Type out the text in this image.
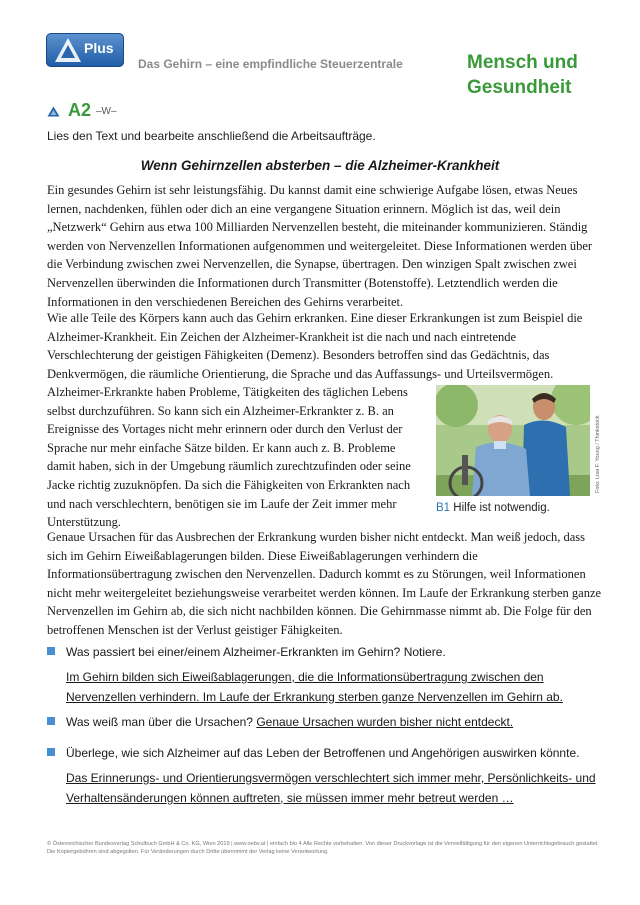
Plus
Das Gehirn – eine empfindliche Steuerzentrale	Mensch und Gesundheit
A2 –W–
Lies den Text und bearbeite anschließend die Arbeitsaufträge.
Wenn Gehirnzellen absterben – die Alzheimer-Krankheit

Ein gesundes Gehirn ist sehr leistungsfähig. Du kannst damit eine schwierige Aufgabe lösen, etwas Neues lernen, nachdenken, fühlen oder dich an eine vergangene Situation erinnern. Möglich ist das, weil dein „Netzwerk“ Gehirn aus etwa 100 Milliarden Nervenzellen besteht, die miteinander kommunizieren. Ständig werden von Nervenzellen Informationen aufgenommen und weitergeleitet. Diese Informationen werden über die Verbindung zwischen zwei Nervenzellen, die Synapse, übertragen. Den winzigen Spalt zwischen zwei Nervenzellen überwinden die Informationen durch Transmitter (Botenstoffe). Letztendlich werden die Informationen in den verschiedenen Bereichen des Gehirns verarbeitet.

Wie alle Teile des Körpers kann auch das Gehirn erkranken. Eine dieser Erkrankungen ist zum Beispiel die Alzheimer-Krankheit. Ein Zeichen der Alzheimer-Krankheit ist die nach und nach eintretende Verschlechterung der geistigen Fähigkeiten (Demenz). Besonders betroffen sind das Gedächtnis, das Denkvermögen, die räumliche Orientierung, die Sprache und das Auffassungs- und Urteilsvermögen.

Alzheimer-Erkrankte haben Probleme, Tätigkeiten des täglichen Lebens selbst durchzuführen. So kann sich ein Alzheimer-Erkrankter z. B. an Ereignisse des Vortages nicht mehr erinnern oder durch den Verlust der Sprache nur mehr einfache Sätze bilden. Er kann auch z. B. Probleme damit haben, sich in der Umgebung räumlich zurechtzufinden oder seine Jacke richtig zuzuknöpfen. Da sich die Fähigkeiten von Erkrankten nach und nach verschlechtern, benötigen sie im Laufe der Zeit immer mehr Unterstützung.

Foto: Lisa F. Young / Thinkstock
B1 Hilfe ist notwendig.

Genaue Ursachen für das Ausbrechen der Erkrankung wurden bisher nicht entdeckt. Man weiß jedoch, dass sich im Gehirn Eiweißablagerungen bilden. Diese Eiweißablagerungen verhindern die Informationsübertragung zwischen den Nervenzellen. Dadurch kommt es zu Störungen, weil Informationen nicht mehr weitergeleitet beziehungsweise verarbeitet werden können. Im Laufe der Erkrankung sterben ganze Nervenzellen im Gehirn ab, die sich nicht nachbilden können. Die Gehirnmasse nimmt ab. Die Folge für den betroffenen Menschen ist der Verlust geistiger Fähigkeiten.

Was passiert bei einer/einem Alzheimer-Erkrankten im Gehirn? Notiere.
Im Gehirn bilden sich Eiweißablagerungen, die die Informationsübertragung zwischen den Nervenzellen verhindern. Im Laufe der Erkrankung sterben ganze Nervenzellen im Gehirn ab.
Was weiß man über die Ursachen? Genaue Ursachen wurden bisher nicht entdeckt.
Überlege, wie sich Alzheimer auf das Leben der Betroffenen und Angehörigen auswirken könnte.
Das Erinnerungs- und Orientierungsvermögen verschlechtert sich immer mehr, Persönlichkeits- und Verhaltensänderungen können auftreten, sie müssen immer mehr betreut werden …
© Österreichischer Bundesverlag Schulbuch GmbH & Co. KG, Wien 2019 | www.oebv.at | einfach bio 4 Alle Rechte vorbehalten. Von dieser Druckvorlage ist die Vervielfältigung für den eigenen Unterrichtsgebrauch gestattet. Die Kopiergebühren sind abgegolten. Für Veränderungen durch Dritte übernimmt der Verlag keine Verantwortung.
